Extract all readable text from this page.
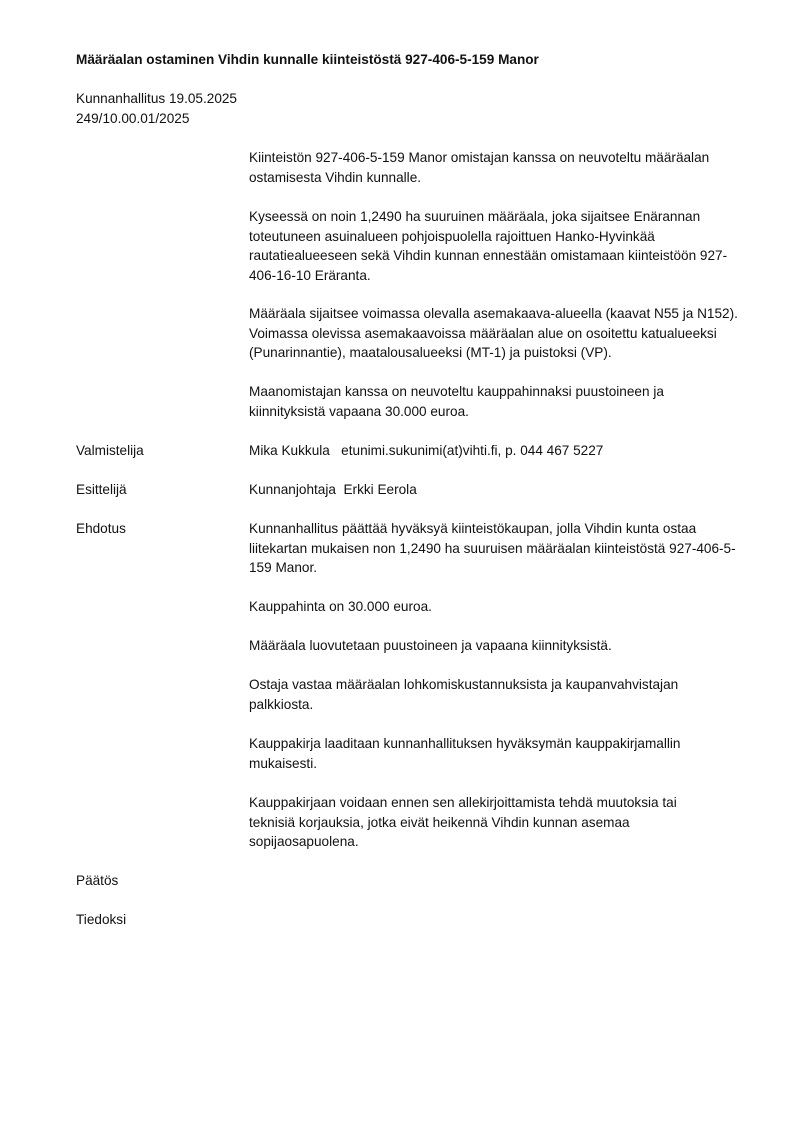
Määräalan ostaminen Vihdin kunnalle kiinteistöstä 927-406-5-159 Manor
Kunnanhallitus 19.05.2025
249/10.00.01/2025

Kiinteistön 927-406-5-159 Manor omistajan kanssa on neuvoteltu määräalan ostamisesta Vihdin kunnalle.

Kyseessä on noin 1,2490 ha suuruinen määräala, joka sijaitsee Enärannan toteutuneen asuinalueen pohjoispuolella rajoittuen Hanko-Hyvinkää rautatiealueeseen sekä Vihdin kunnan ennestään omistamaan kiinteistöön 927-406-16-10 Eräranta.

Määräala sijaitsee voimassa olevalla asemakaava-alueella (kaavat N55 ja N152). Voimassa olevissa asemakaavoissa määräalan alue on osoitettu katualueeksi (Punarinnantie), maatalousalueeksi (MT-1) ja puistoksi (VP).

Maanomistajan kanssa on neuvoteltu kauppahinnaksi puustoineen ja kiinnityksistä vapaana 30.000 euroa.

Valmistelija	Mika Kukkula   etunimi.sukunimi(at)vihti.fi, p. 044 467 5227

Esittelijä	Kunnanjohtaja  Erkki Eerola

Ehdotus	Kunnanhallitus päättää hyväksyä kiinteistökaupan, jolla Vihdin kunta ostaa liitekartan mukaisen non 1,2490 ha suuruisen määräalan kiinteistöstä 927-406-5-159 Manor.

Kauppahinta on 30.000 euroa.

Määräala luovutetaan puustoineen ja vapaana kiinnityksistä.

Ostaja vastaa määräalan lohkomiskustannuksista ja kaupanvahvistajan palkkiosta.

Kauppakirja laaditaan kunnanhallituksen hyväksymän kauppakirjamallin mukaisesti.

Kauppakirjaan voidaan ennen sen allekirjoittamista tehdä muutoksia tai teknisiä korjauksia, jotka eivät heikennä Vihdin kunnan asemaa sopijaosapuolena.

Päätös

Tiedoksi
